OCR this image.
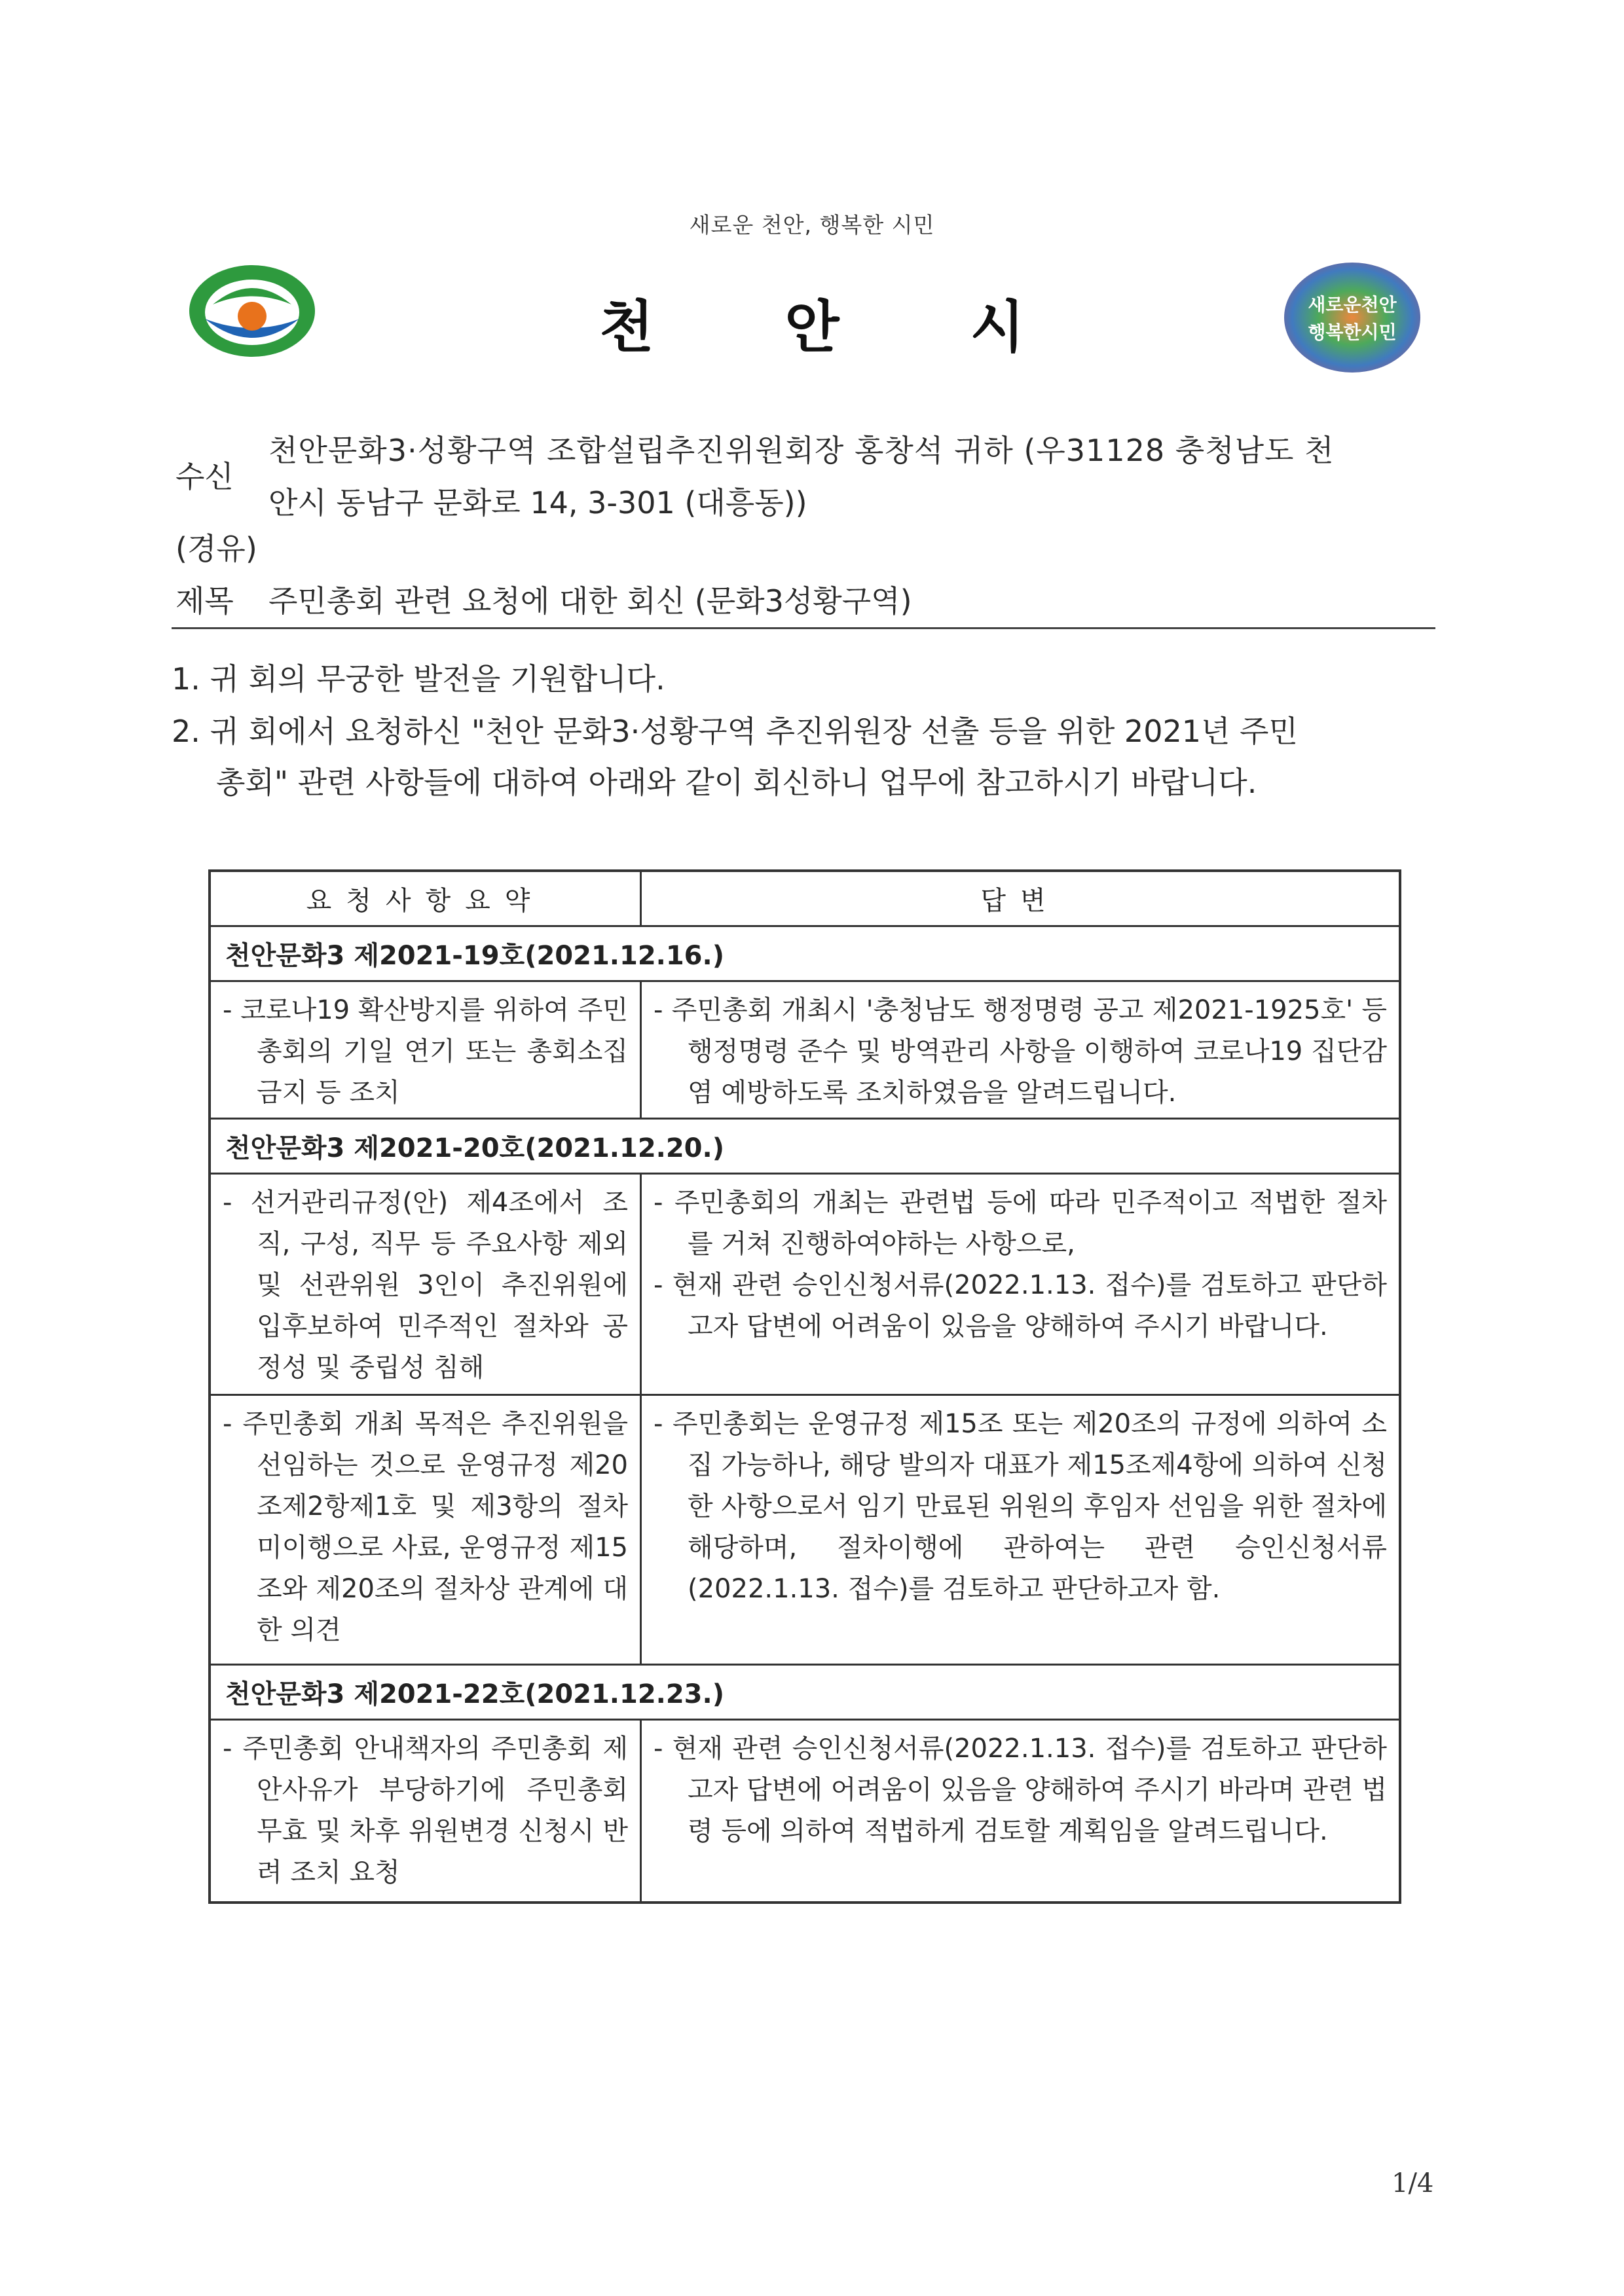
새로운 천안, 행복한 시민
천안시	새로운천안
행복한시민
수신
천안문화3·성황구역 조합설립추진위원회장 홍창석 귀하 (우31128 충청남도 천
안시 동남구 문화로 14, 3-301 (대흥동))
(경유)
제목 주민총회 관련 요청에 대한 회신 (문화3성황구역)
1. 귀 회의 무궁한 발전을 기원합니다.
2. 귀 회에서 요청하신 "천안 문화3·성황구역 추진위원장 선출 등을 위한 2021년 주민
총회" 관련 사항들에 대하여 아래와 같이 회신하니 업무에 참고하시기 바랍니다.
요청사항요약	답변
천안문화3 제2021-19호(2021.12.16.)
- 코로나19 확산방지를 위하여 주민총회의 기일 연기 또는 총회소집금지 등 조치
- 주민총회 개최시 '충청남도 행정명령 공고 제2021-1925호' 등 행정명령 준수 및 방역관리 사항을 이행하여 코로나19 집단감염 예방하도록 조치하였음을 알려드립니다.
천안문화3 제2021-20호(2021.12.20.)
- 선거관리규정(안) 제4조에서 조직, 구성, 직무 등 주요사항 제외 및 선관위원 3인이 추진위원에 입후보하여 민주적인 절차와 공정성 및 중립성 침해
- 주민총회의 개최는 관련법 등에 따라 민주적이고 적법한 절차를 거쳐 진행하여야하는 사항으로,
- 현재 관련 승인신청서류(2022.1.13. 접수)를 검토하고 판단하고자 답변에 어려움이 있음을 양해하여 주시기 바랍니다.
- 주민총회 개최 목적은 추진위원을 선임하는 것으로 운영규정 제20조제2항제1호 및 제3항의 절차 미이행으로 사료, 운영규정 제15조와 제20조의 절차상 관계에 대한 의견
- 주민총회는 운영규정 제15조 또는 제20조의 규정에 의하여 소집 가능하나, 해당 발의자 대표가 제15조제4항에 의하여 신청한 사항으로서 임기 만료된 위원의 후임자 선임을 위한 절차에 해당하며, 절차이행에 관하여는 관련 승인신청서류(2022.1.13. 접수)를 검토하고 판단하고자 함.
천안문화3 제2021-22호(2021.12.23.)
- 주민총회 안내책자의 주민총회 제안사유가 부당하기에 주민총회 무효 및 차후 위원변경 신청시 반려 조치 요청
- 현재 관련 승인신청서류(2022.1.13. 접수)를 검토하고 판단하고자 답변에 어려움이 있음을 양해하여 주시기 바라며 관련 법령 등에 의하여 적법하게 검토할 계획임을 알려드립니다.
1/4
